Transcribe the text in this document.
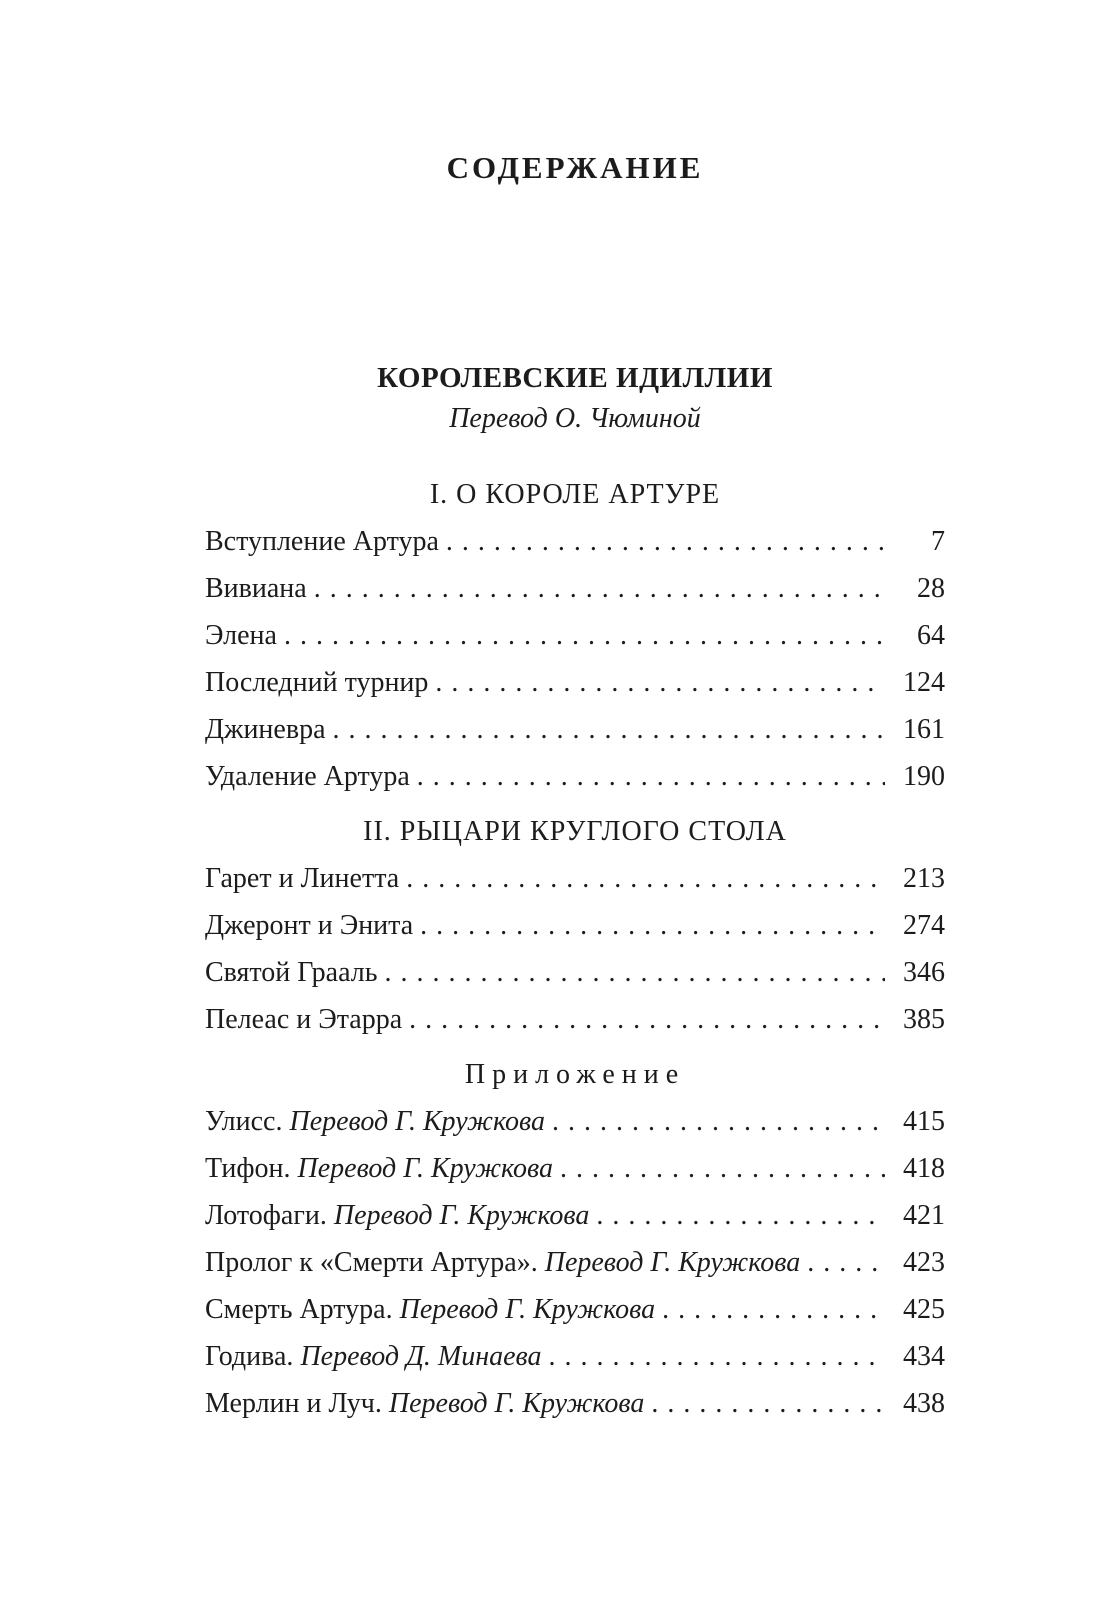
СОДЕРЖАНИЕ
КОРОЛЕВСКИЕ ИДИЛЛИИ
Перевод О. Чюминой
I. О КОРОЛЕ АРТУРЕ
Вступление Артура . . .	7
Вивиана . . .	28
Элена . . .	64
Последний турнир . . .	124
Джиневра . . .	161
Удаление Артура . . .	190
II. РЫЦАРИ КРУГЛОГО СТОЛА
Гарет и Линетта . . .	213
Джеронт и Энита . . .	274
Святой Грааль . . .	346
Пелеас и Этарра . . .	385
Приложение
Улисс. Перевод Г. Кружкова . . .	415
Тифон. Перевод Г. Кружкова . . .	418
Лотофаги. Перевод Г. Кружкова . . .	421
Пролог к «Смерти Артура». Перевод Г. Кружкова . . .	423
Смерть Артура. Перевод Г. Кружкова . . .	425
Годива. Перевод Д. Минаева . . .	434
Мерлин и Луч. Перевод Г. Кружкова . . .	438
